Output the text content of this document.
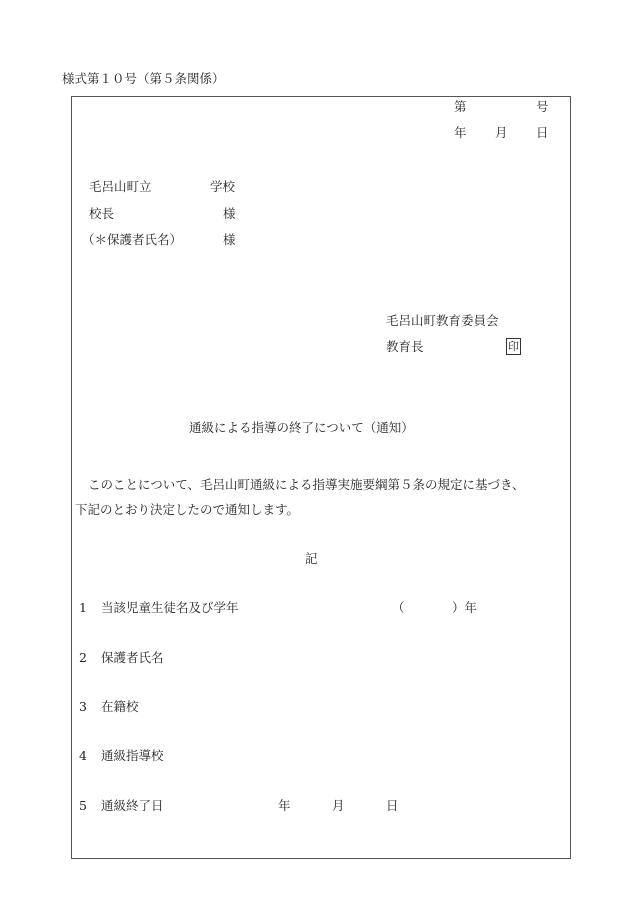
様式第１０号（第５条関係）
第	号
年 月 日
毛呂山町立	学校
校長	様
（＊保護者氏名）	様
毛呂山町教育委員会
教育長	印
通級による指導の終了について（通知）
このことについて、毛呂山町通級による指導実施要綱第５条の規定に基づき、
下記のとおり決定したので通知します。
記
1 当該児童生徒名及び学年	（	）年
2 保護者氏名
3 在籍校
4 通級指導校
5 通級終了日	年	月	日
